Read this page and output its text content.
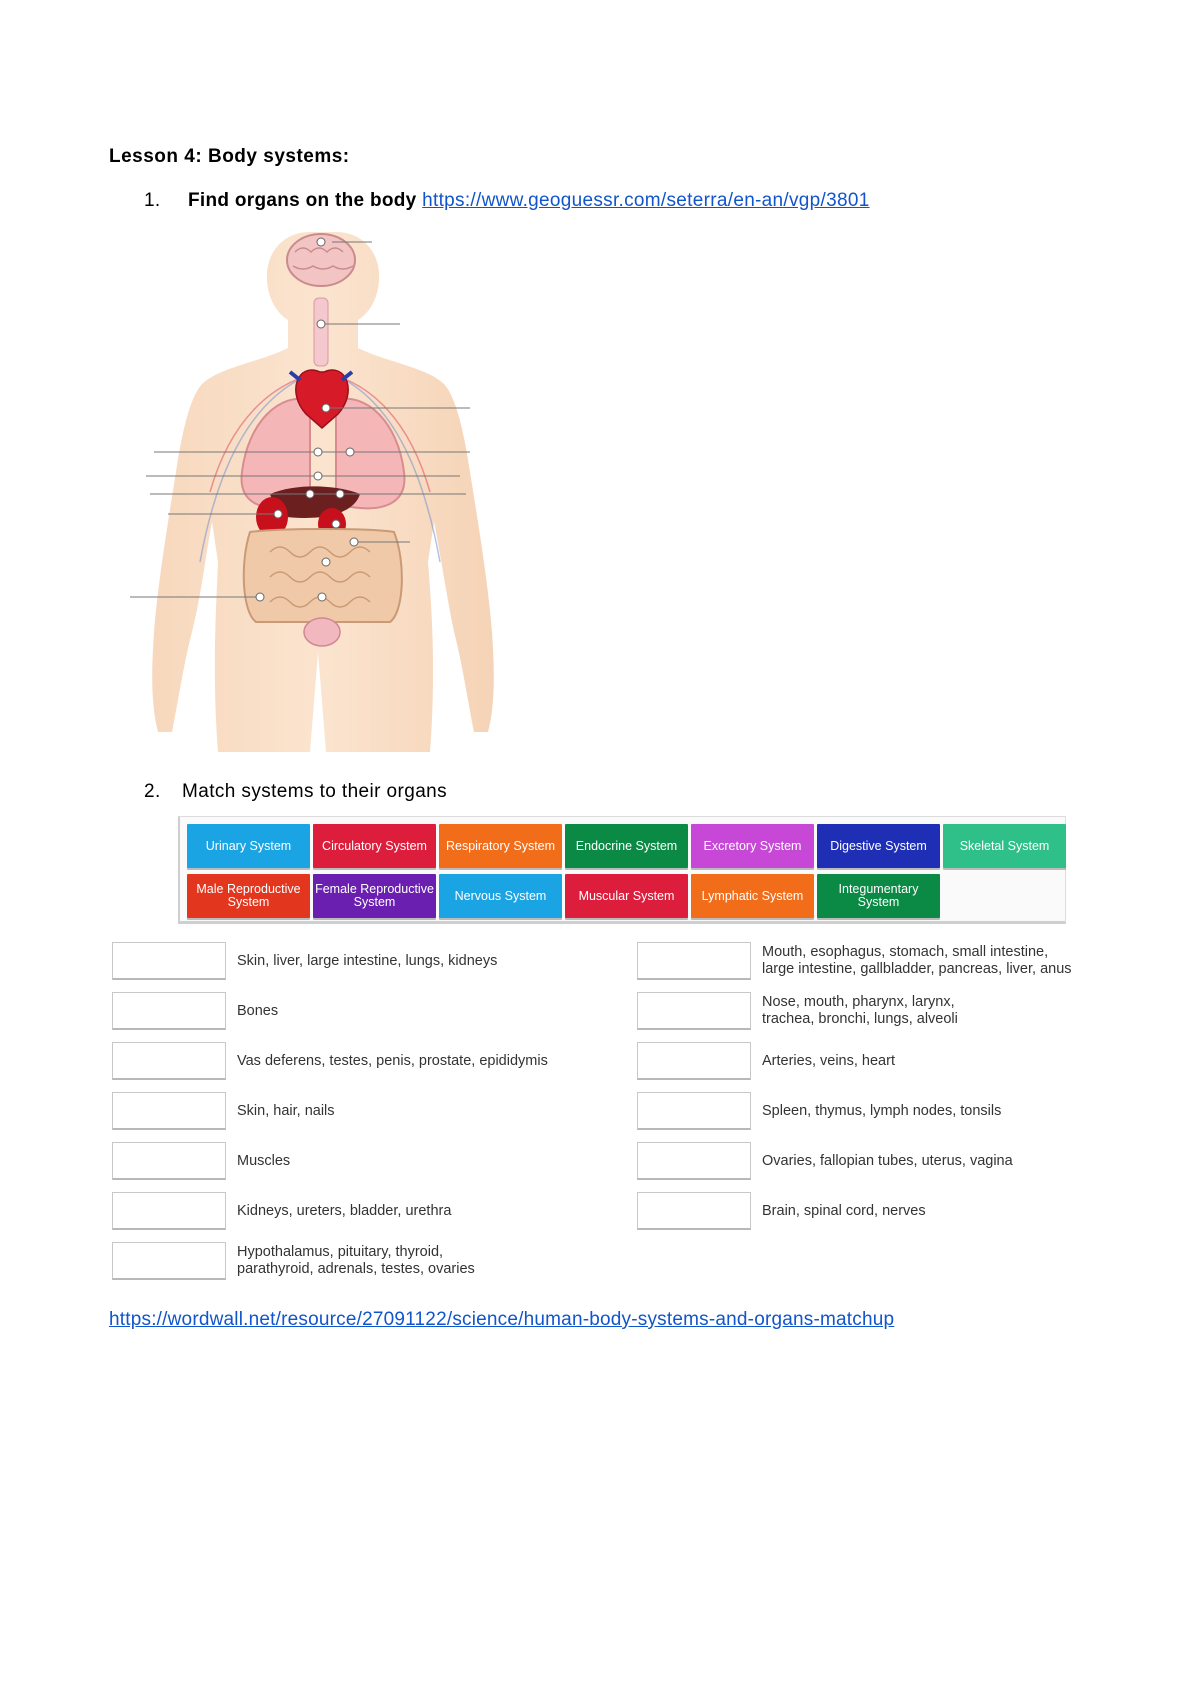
Lesson 4: Body systems:
1. Find organs on the body https://www.geoguessr.com/seterra/en-an/vgp/3801
2. Match systems to their organs
Urinary System	Circulatory System	Respiratory System	Endocrine System	Excretory System	Digestive System	Skeletal System
Male Reproductive System
Female Reproductive System	Nervous System	Muscular System	Lymphatic System	Integumentary System
Skin, liver, large intestine, lungs, kidneys
Bones
Vas deferens, testes, penis, prostate, epididymis
Skin, hair, nails
Muscles
Kidneys, ureters, bladder, urethra
Hypothalamus, pituitary, thyroid,
parathyroid, adrenals, testes, ovaries
Mouth, esophagus, stomach, small intestine,
large intestine, gallbladder, pancreas, liver, anus
Nose, mouth, pharynx, larynx,
trachea, bronchi, lungs, alveoli
Arteries, veins, heart
Spleen, thymus, lymph nodes, tonsils
Ovaries, fallopian tubes, uterus, vagina
Brain, spinal cord, nerves
https://wordwall.net/resource/27091122/science/human-body-systems-and-organs-matchup
